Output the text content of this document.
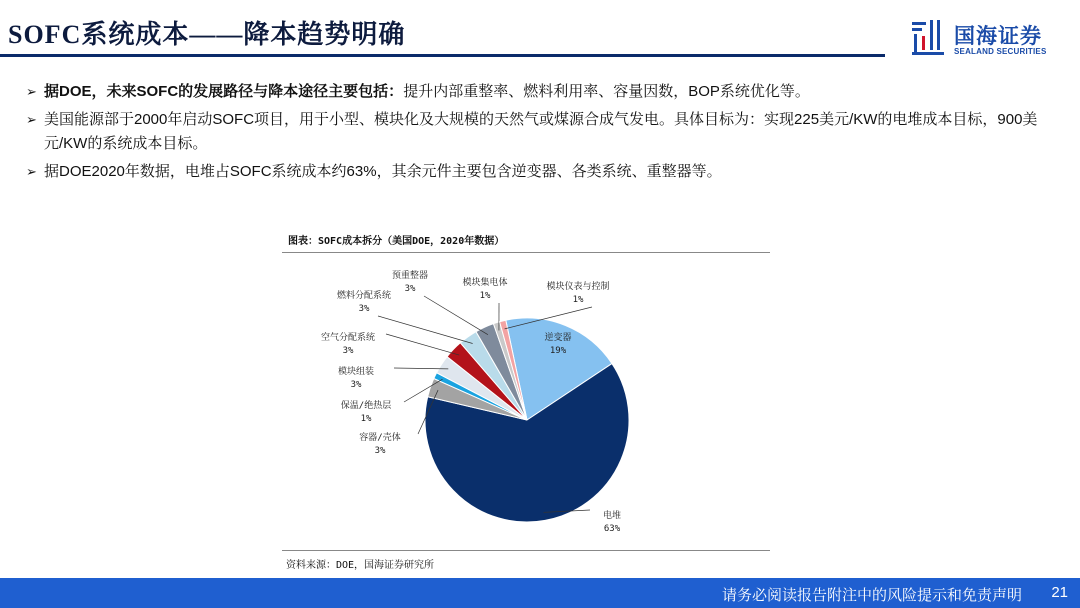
SOFC系统成本——降本趋势明确	国海证券
SEALAND SECURITIES
➢ 据DOE，未来SOFC的发展路径与降本途径主要包括：提升内部重整率、燃料利用率、容量因数，BOP系统优化等。
➢ 美国能源部于2000年启动SOFC项目，用于小型、模块化及大规模的天然气或煤源合成气发电。具体目标为：实现225美元/KW的电堆成本目标，900美元/KW的系统成本目标。
➢ 据DOE2020年数据，电堆占SOFC系统成本约63%，其余元件主要包含逆变器、各类系统、重整器等。
图表：SOFC成本拆分（美国DOE，2020年数据）
逆变器
19%
电堆
63%
容器/壳体
3%
保温/绝热层
1%
模块组装
3%
空气分配系统
3%
燃料分配系统
3%
预重整器
3%
模块集电体
1%
模块仪表与控制
1%
资料来源：DOE，国海证券研究所
请务必阅读报告附注中的风险提示和免责声明 21
